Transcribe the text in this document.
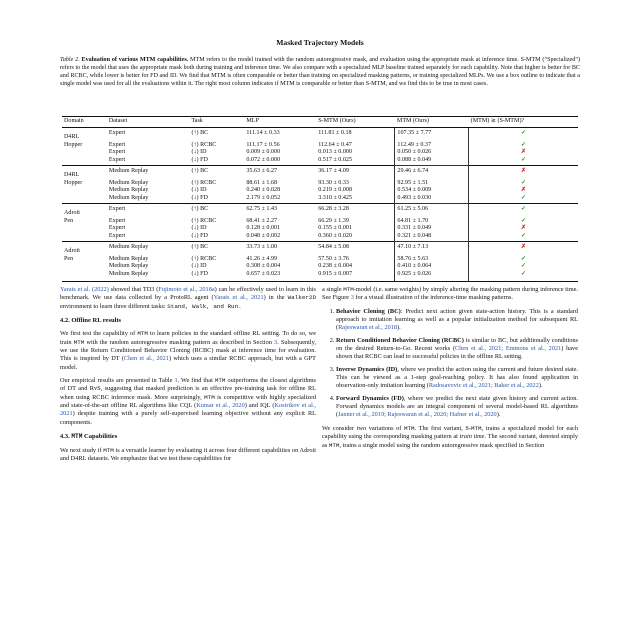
Masked Trajectory Models
Table 2. Evaluation of various MTM capabilities. MTM refers to the model trained with the random autoregressive mask, and evaluation using the appropriate mask at inference time. S-MTM (“Specialized”) refers to the model that uses the appropriate mask both during training and inference time. We also compare with a specialized MLP baseline trained separately for each capability. Note that higher is better for BC and RCBC, while lower is better for FD and ID. We find that MTM is often comparable or better than training on specialized masking patterns, or training specialized MLPs. We use a box outline to indicate that a single model was used for all the evaluations within it. The right most column indicates if MTM is comparable or better than S-MTM, and we find this to be true in most cases.
Domain	Dataset	Task	MLP	S-MTM (Ours)	MTM (Ours)	(MTM) ≳ (S-MTM)?
D4RL	Expert	(↑) BC	111.14 ± 0.33	111.81 ± 0.18	107.35 ± 7.77	✓
Hopper	Expert	(↑) RCBC	111.17 ± 0.56	112.64 ± 0.47	112.49 ± 0.37	✓
	Expert	(↓) ID	0.009 ± 0.000	0.013 ± 0.000	0.050 ± 0.026	✗
	Expert	(↓) FD	0.072 ± 0.000	0.517 ± 0.025	0.088 ± 0.049	✓
D4RL	Medium Replay	(↑) BC	35.63 ± 6.27	36.17 ± 4.09	29.46 ± 6.74	✗
Hopper	Medium Replay	(↑) RCBC	88.61 ± 1.68	93.30 ± 0.33	92.95 ± 1.51	✓
	Medium Replay	(↓) ID	0.240 ± 0.028	0.219 ± 0.008	0.534 ± 0.009	✗
	Medium Replay	(↓) FD	2.179 ± 0.052	3.310 ± 0.425	0.493 ± 0.030	✓
Adroit	Expert	(↑) BC	62.75 ± 1.43	66.28 ± 3.28	61.25 ± 5.06	✓
Pen	Expert	(↑) RCBC	68.41 ± 2.27	66.29 ± 1.39	64.81 ± 1.70	✓
	Expert	(↓) ID	0.128 ± 0.001	0.155 ± 0.001	0.331 ± 0.049	✗
	Expert	(↓) FD	0.048 ± 0.002	0.360 ± 0.020	0.321 ± 0.048	✓
Adroit	Medium Replay	(↑) BC	33.73 ± 1.00	54.84 ± 5.08	47.10 ± 7.13	✗
Pen	Medium Replay	(↑) RCBC	41.26 ± 4.99	57.50 ± 3.76	58.76 ± 5.63	✓
	Medium Replay	(↓) ID	0.308 ± 0.004	0.238 ± 0.004	0.410 ± 0.064	✓
	Medium Replay	(↓) FD	0.657 ± 0.023	0.915 ± 0.007	0.925 ± 0.026	✓

Yarats et al. (2022) showed that TD3 (Fujimoto et al., 2018a) can be effectively used to learn in this benchmark. We use data collected by a ProtoRL agent (Yarats et al., 2021) in the Walker2D environment to learn three different tasks: Stand, Walk, and Run.

4.2. Offline RL results

We first test the capability of MTM to learn policies in the standard offline RL setting. To do so, we train MTM with the random autoregressive masking pattern as described in Section 3. Subsequently, we use the Return Conditioned Behavior Cloning (RCBC) mask at inference time for evaluation. This is inspired by DT (Chen et al., 2021) which uses a similar RCBC approach, but with a GPT model.

Our empirical results are presented in Table 1. We find that MTM outperforms the closest algorithms of DT and RvS, suggesting that masked prediction is an effective pre-training task for offline RL when using RCBC inference mask. More surprisingly, MTM is competitive with highly specialized and state-of-the-art offline RL algorithms like CQL (Kumar et al., 2020) and IQL (Kostrikov et al., 2021) despite training with a purely self-supervised learning objective without any explicit RL components.

4.3. MTM Capabilities

We next study if MTM is a versatile learner by evaluating it across four different capabilities on Adroit and D4RL datasets. We emphasize that we test these capabilities for

a single MTM-model (i.e. same weights) by simply altering the masking pattern during inference time. See Figure 3 for a visual illustration of the inference-time masking patterns.

1. Behavior Cloning (BC): Predict next action given state-action history. This is a standard approach to imitation learning as well as a popular initialization method for subsequent RL (Rajeswaran et al., 2018).
2. Return Conditioned Behavior Cloning (RCBC) is similar to BC, but additionally conditions on the desired Return-to-Go. Recent works (Chen et al., 2021; Emmons et al., 2021) have shown that RCBC can lead to successful policies in the offline RL setting.
3. Inverse Dynamics (ID), where we predict the action using the current and future desired state. This can be viewed as a 1-step goal-reaching policy. It has also found application in observation-only imitation learning (Radosavovic et al., 2021; Baker et al., 2022).
4. Forward Dynamics (FD), where we predict the next state given history and current action. Forward dynamics models are an integral component of several model-based RL algorithms (Janner et al., 2019; Rajeswaran et al., 2020; Hafner et al., 2020).

We consider two variations of MTM. The first variant, S-MTM, trains a specialized model for each capability using the corresponding masking pattern at train time. The second variant, denoted simply as MTM, trains a single model using the random autoregressive mask specified in Section
